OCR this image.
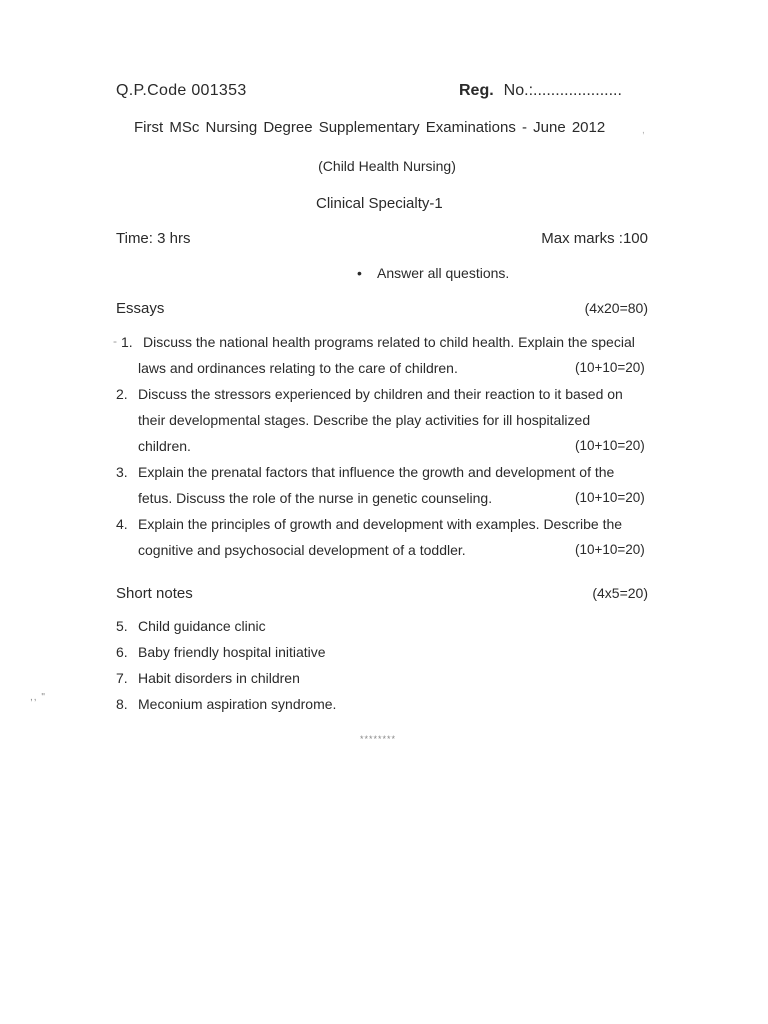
Q.P.Code 001353	Reg. No.:....................
First MSc Nursing Degree Supplementary Examinations - June 2012	,
(Child Health Nursing)
Clinical Specialty-1
Time: 3 hrs	Max marks :100
• Answer all questions.
Essays	(4x20=80)
- 1. Discuss the national health programs related to child health. Explain the special
laws and ordinances relating to the care of children.	(10+10=20)
2. Discuss the stressors experienced by children and their reaction to it based on
their developmental stages. Describe the play activities for ill hospitalized
children.	(10+10=20)
3. Explain the prenatal factors that influence the growth and development of the
fetus. Discuss the role of the nurse in genetic counseling.	(10+10=20)
4. Explain the principles of growth and development with examples. Describe the
cognitive and psychosocial development of a toddler.	(10+10=20)
Short notes	(4x5=20)
5. Child guidance clinic
6. Baby friendly hospital initiative
7. Habit disorders in children
8. Meconium aspiration syndrome.
,, "
********
